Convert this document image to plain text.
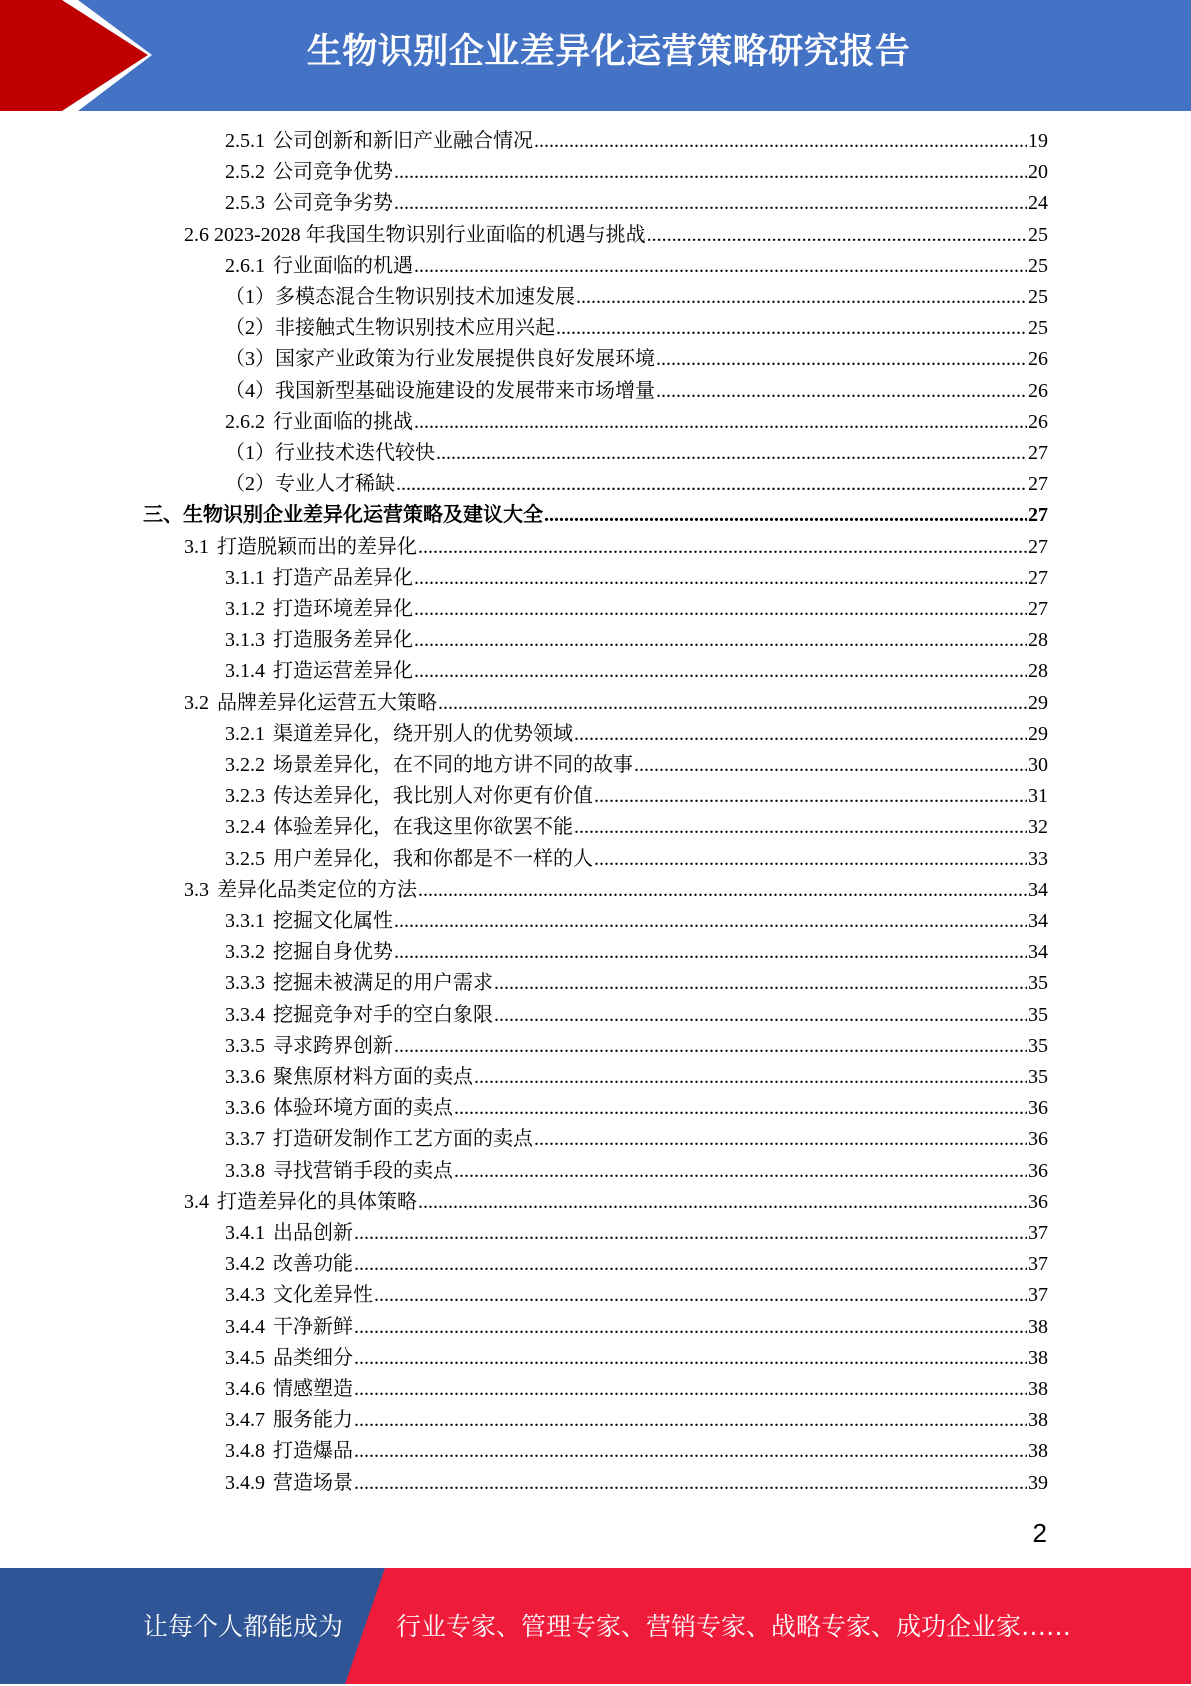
生物识别企业差异化运营策略研究报告
2.5.1 公司创新和新旧产业融合情况 .....	19
2.5.2 公司竞争优势 .....	20
2.5.3 公司竞争劣势 .....	24
2.6 2023-2028 年我国生物识别行业面临的机遇与挑战 .....	25
2.6.1 行业面临的机遇 .....	25
（1）多模态混合生物识别技术加速发展 .....	25
（2）非接触式生物识别技术应用兴起 .....	25
（3）国家产业政策为行业发展提供良好发展环境 .....	26
（4）我国新型基础设施建设的发展带来市场增量 .....	26
2.6.2 行业面临的挑战 .....	26
（1）行业技术迭代较快 .....	27
（2）专业人才稀缺 .....	27
三、生物识别企业差异化运营策略及建议大全 .....	27
3.1 打造脱颖而出的差异化 .....	27
3.1.1 打造产品差异化 .....	27
3.1.2 打造环境差异化 .....	27
3.1.3 打造服务差异化 .....	28
3.1.4 打造运营差异化 .....	28
3.2 品牌差异化运营五大策略 .....	29
3.2.1 渠道差异化，绕开别人的优势领域 .....	29
3.2.2 场景差异化，在不同的地方讲不同的故事 .....	30
3.2.3 传达差异化，我比别人对你更有价值 .....	31
3.2.4 体验差异化，在我这里你欲罢不能 .....	32
3.2.5 用户差异化，我和你都是不一样的人 .....	33
3.3 差异化品类定位的方法 .....	34
3.3.1 挖掘文化属性 .....	34
3.3.2 挖掘自身优势 .....	34
3.3.3 挖掘未被满足的用户需求 .....	35
3.3.4 挖掘竞争对手的空白象限 .....	35
3.3.5 寻求跨界创新 .....	35
3.3.6 聚焦原材料方面的卖点 .....	35
3.3.6 体验环境方面的卖点 .....	36
3.3.7 打造研发制作工艺方面的卖点 .....	36
3.3.8 寻找营销手段的卖点 .....	36
3.4 打造差异化的具体策略 .....	36
3.4.1 出品创新 .....	37
3.4.2 改善功能 .....	37
3.4.3 文化差异性 .....	37
3.4.4 干净新鲜 .....	38
3.4.5 品类细分 .....	38
3.4.6 情感塑造 .....	38
3.4.7 服务能力 .....	38
3.4.8 打造爆品 .....	38
3.4.9 营造场景 .....	39
2
让每个人都能成为 行业专家、管理专家、营销专家、战略专家、成功企业家……
